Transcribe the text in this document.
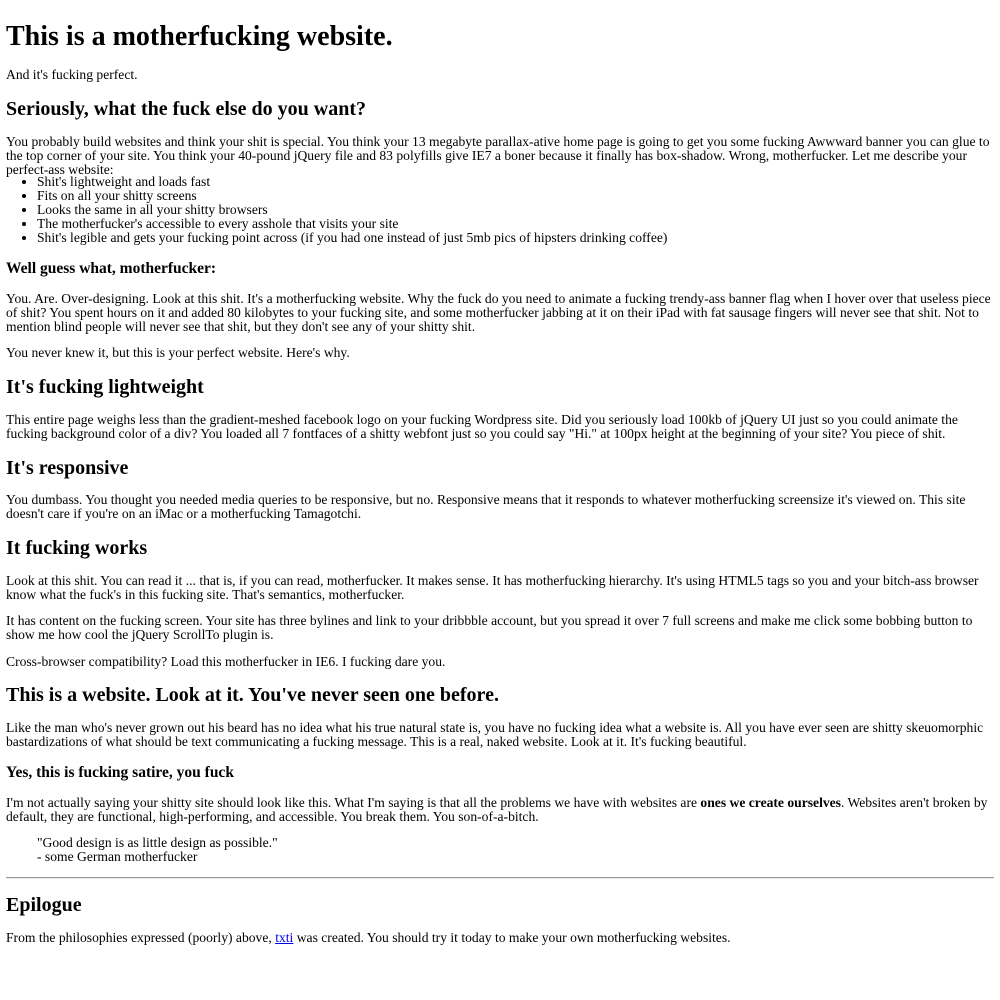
This is a motherfucking website.

And it's fucking perfect.

Seriously, what the fuck else do you want?

You probably build websites and think your shit is special. You think your 13 megabyte parallax-ative home page is going to get you some fucking Awwward banner you can glue to the top corner of your site. You think your 40-pound jQuery file and 83 polyfills give IE7 a boner because it finally has box-shadow. Wrong, motherfucker. Let me describe your perfect-ass website:

• Shit's lightweight and loads fast
• Fits on all your shitty screens
• Looks the same in all your shitty browsers
• The motherfucker's accessible to every asshole that visits your site
• Shit's legible and gets your fucking point across (if you had one instead of just 5mb pics of hipsters drinking coffee)
Well guess what, motherfucker:

You. Are. Over-designing. Look at this shit. It's a motherfucking website. Why the fuck do you need to animate a fucking trendy-ass banner flag when I hover over that useless piece of shit? You spent hours on it and added 80 kilobytes to your fucking site, and some motherfucker jabbing at it on their iPad with fat sausage fingers will never see that shit. Not to mention blind people will never see that shit, but they don't see any of your shitty shit.

You never knew it, but this is your perfect website. Here's why.

It's fucking lightweight

This entire page weighs less than the gradient-meshed facebook logo on your fucking Wordpress site. Did you seriously load 100kb of jQuery UI just so you could animate the fucking background color of a div? You loaded all 7 fontfaces of a shitty webfont just so you could say "Hi." at 100px height at the beginning of your site? You piece of shit.

It's responsive

You dumbass. You thought you needed media queries to be responsive, but no. Responsive means that it responds to whatever motherfucking screensize it's viewed on. This site doesn't care if you're on an iMac or a motherfucking Tamagotchi.

It fucking works

Look at this shit. You can read it ... that is, if you can read, motherfucker. It makes sense. It has motherfucking hierarchy. It's using HTML5 tags so you and your bitch-ass browser know what the fuck's in this fucking site. That's semantics, motherfucker.

It has content on the fucking screen. Your site has three bylines and link to your dribbble account, but you spread it over 7 full screens and make me click some bobbing button to show me how cool the jQuery ScrollTo plugin is.

Cross-browser compatibility? Load this motherfucker in IE6. I fucking dare you.

This is a website. Look at it. You've never seen one before.

Like the man who's never grown out his beard has no idea what his true natural state is, you have no fucking idea what a website is. All you have ever seen are shitty skeuomorphic bastardizations of what should be text communicating a fucking message. This is a real, naked website. Look at it. It's fucking beautiful.

Yes, this is fucking satire, you fuck

I'm not actually saying your shitty site should look like this. What I'm saying is that all the problems we have with websites are ones we create ourselves. Websites aren't broken by default, they are functional, high-performing, and accessible. You break them. You son-of-a-bitch.

"Good design is as little design as possible."
- some German motherfucker
Epilogue

From the philosophies expressed (poorly) above, txti was created. You should try it today to make your own motherfucking websites.
